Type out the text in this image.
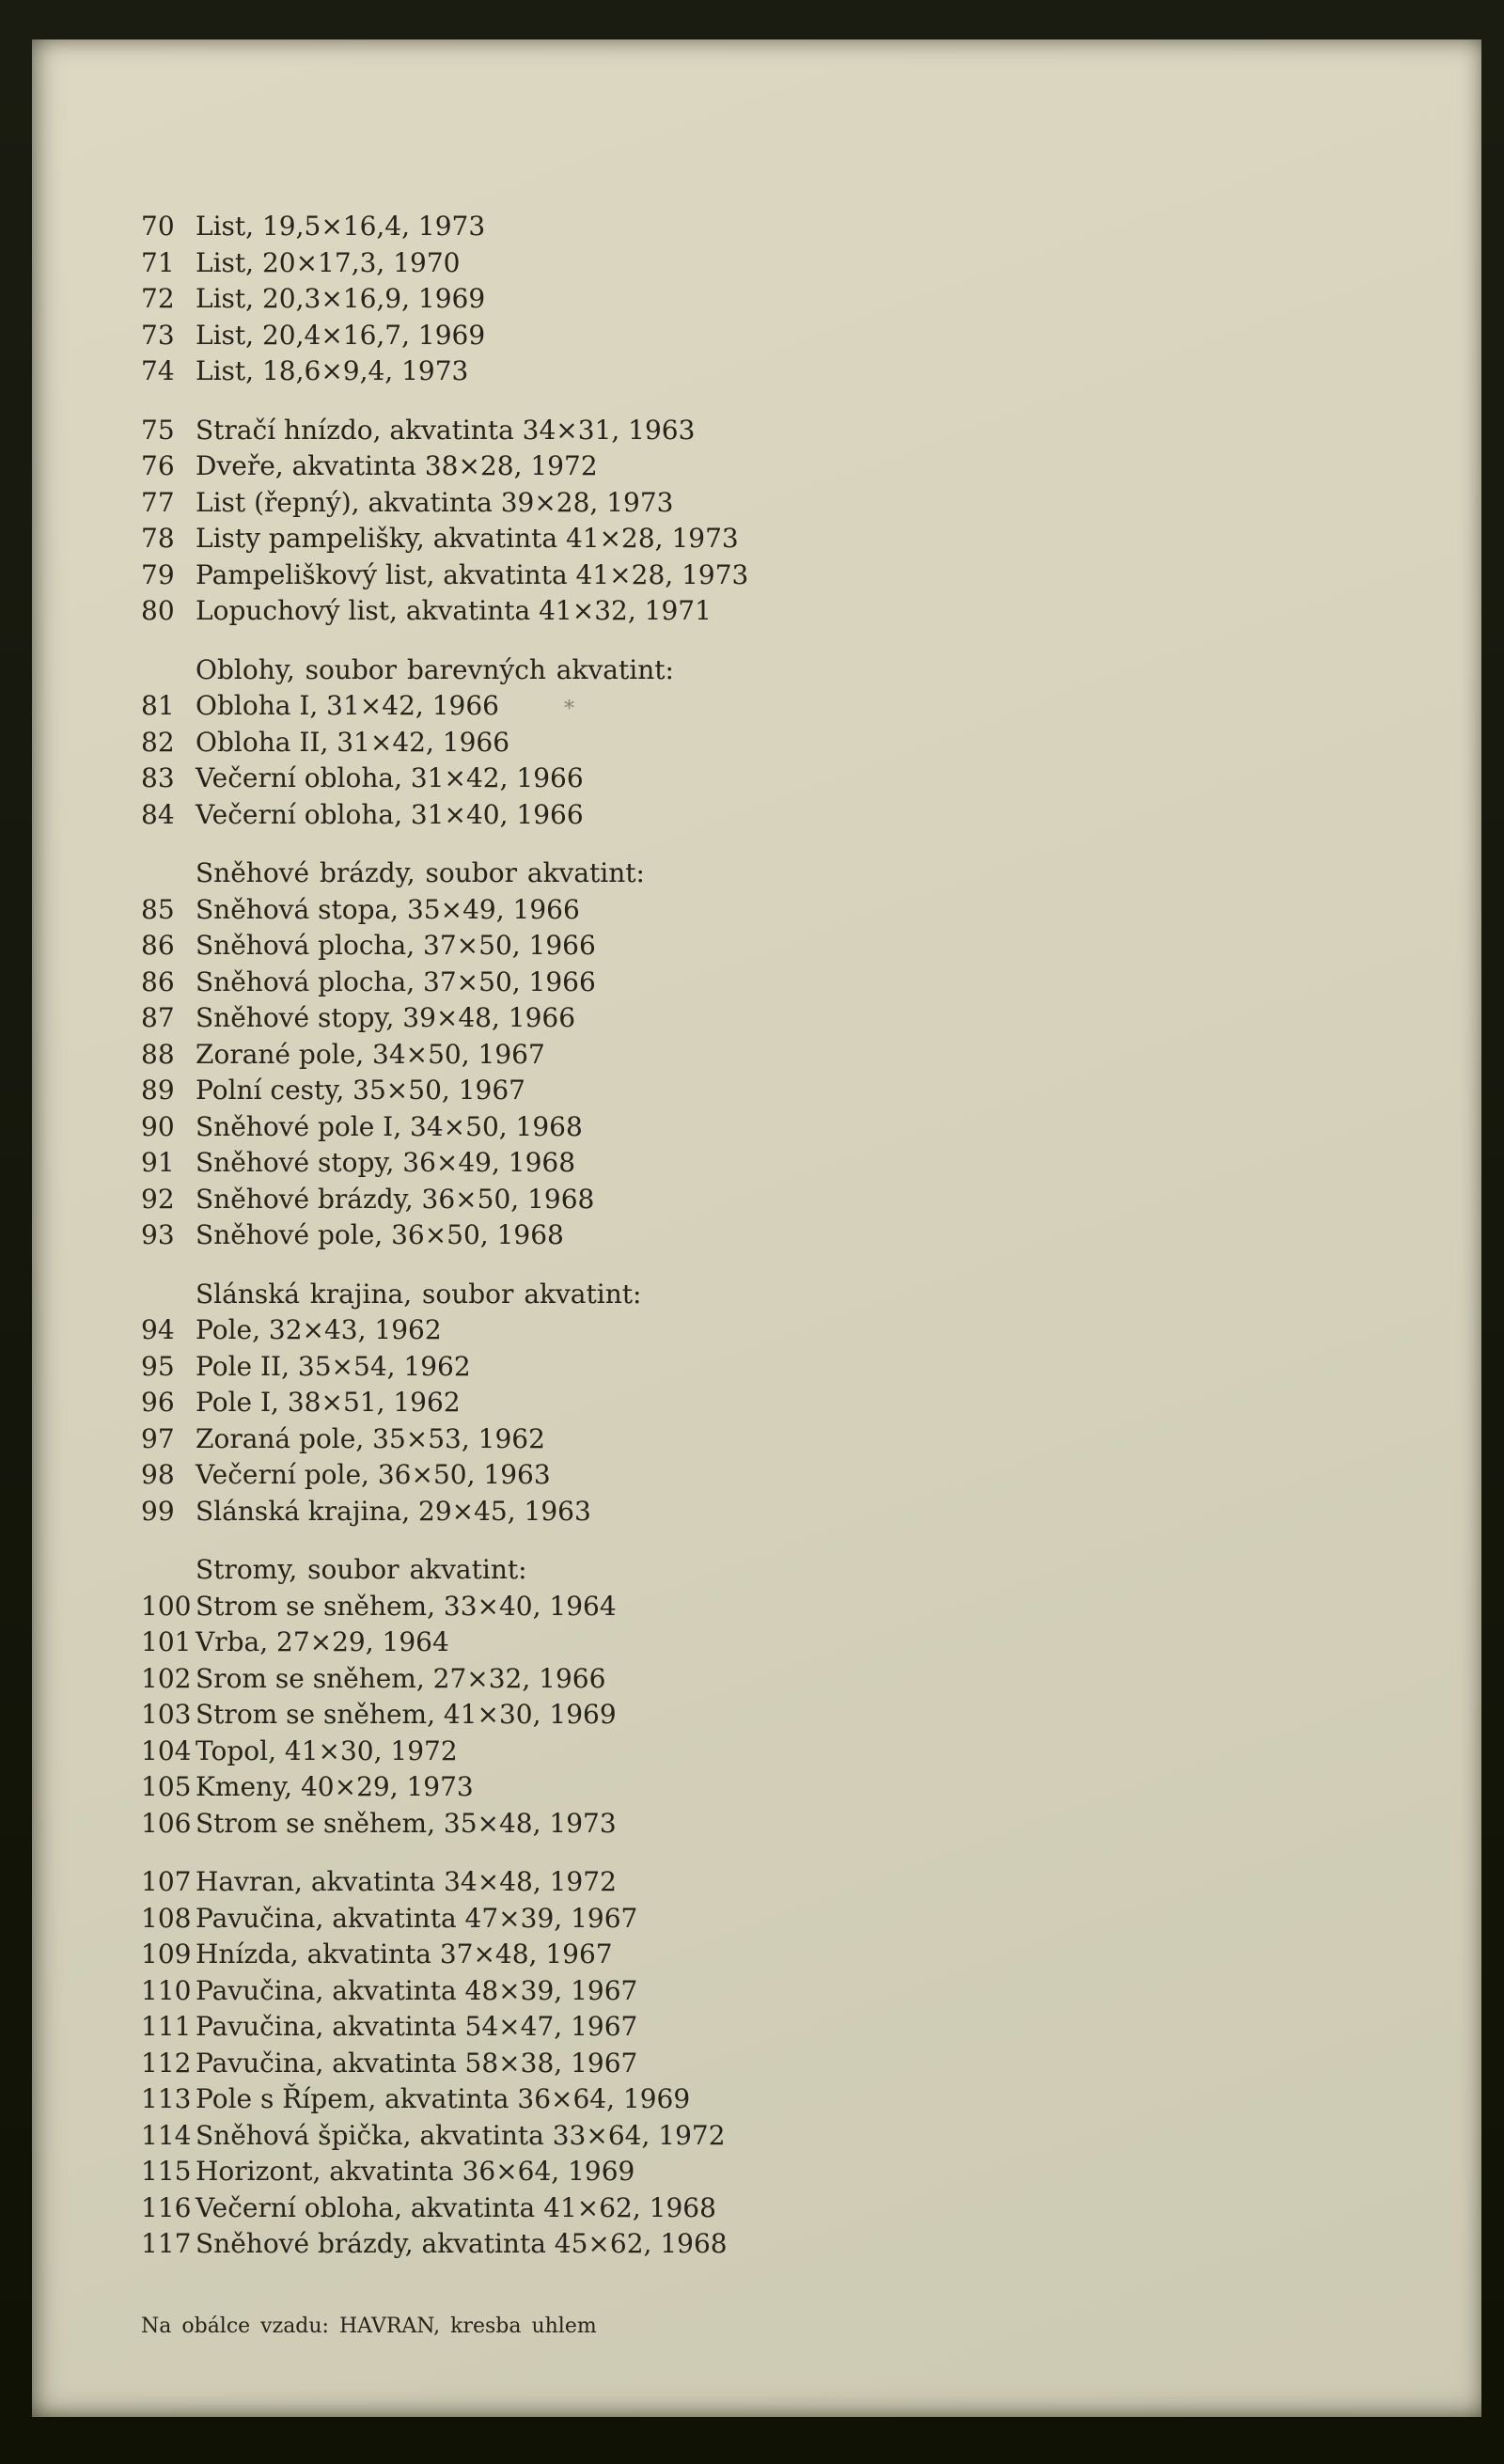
70 List, 19,5×16,4, 1973
71 List, 20×17,3, 1970
72 List, 20,3×16,9, 1969
73 List, 20,4×16,7, 1969
74 List, 18,6×9,4, 1973
75 Stračí hnízdo, akvatinta 34×31, 1963
76 Dveře, akvatinta 38×28, 1972
77 List (řepný), akvatinta 39×28, 1973
78 Listy pampelišky, akvatinta 41×28, 1973
79 Pampeliškový list, akvatinta 41×28, 1973
80 Lopuchový list, akvatinta 41×32, 1971
Oblohy, soubor barevných akvatint:
81 Obloha I, 31×42, 1966
82 Obloha II, 31×42, 1966
83 Večerní obloha, 31×42, 1966
84 Večerní obloha, 31×40, 1966
Sněhové brázdy, soubor akvatint:
85 Sněhová stopa, 35×49, 1966
86 Sněhová plocha, 37×50, 1966
86 Sněhová plocha, 37×50, 1966
87 Sněhové stopy, 39×48, 1966
88 Zorané pole, 34×50, 1967
89 Polní cesty, 35×50, 1967
90 Sněhové pole I, 34×50, 1968
91 Sněhové stopy, 36×49, 1968
92 Sněhové brázdy, 36×50, 1968
93 Sněhové pole, 36×50, 1968
Slánská krajina, soubor akvatint:
94 Pole, 32×43, 1962
95 Pole II, 35×54, 1962
96 Pole I, 38×51, 1962
97 Zoraná pole, 35×53, 1962
98 Večerní pole, 36×50, 1963
99 Slánská krajina, 29×45, 1963
Stromy, soubor akvatint:
100 Strom se sněhem, 33×40, 1964
101 Vrba, 27×29, 1964
102 Srom se sněhem, 27×32, 1966
103 Strom se sněhem, 41×30, 1969
104 Topol, 41×30, 1972
105 Kmeny, 40×29, 1973
106 Strom se sněhem, 35×48, 1973
107 Havran, akvatinta 34×48, 1972
108 Pavučina, akvatinta 47×39, 1967
109 Hnízda, akvatinta 37×48, 1967
110 Pavučina, akvatinta 48×39, 1967
111 Pavučina, akvatinta 54×47, 1967
112 Pavučina, akvatinta 58×38, 1967
113 Pole s Řípem, akvatinta 36×64, 1969
114 Sněhová špička, akvatinta 33×64, 1972
115 Horizont, akvatinta 36×64, 1969
116 Večerní obloha, akvatinta 41×62, 1968
117 Sněhové brázdy, akvatinta 45×62, 1968
Na obálce vzadu: HAVRAN, kresba uhlem
*
